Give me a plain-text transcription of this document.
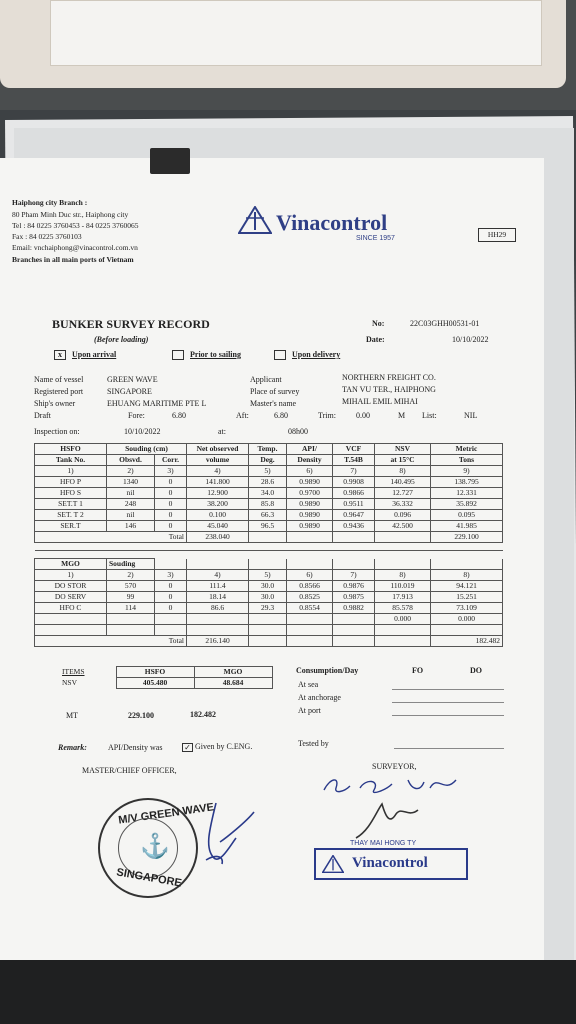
Haiphong city Branch :
80 Pham Minh Duc str., Haiphong city
Tel : 84 0225 3760453 - 84 0225 3760065
Fax : 84 0225 3760103
Email: vnchaiphong@vinacontrol.com.vn
Branches in all main ports of Vietnam
Vinacontrol
SINCE 1957	HH29
BUNKER SURVEY RECORD
(Before loading)
No:	22C03GHH00531-01
Date:	10/10/2022
x Upon arrival	Prior to sailing	Upon delivery
Name of vessel	GREEN WAVE
Registered port	SINGAPORE
Ship's owner	EHUANG MARITIME PTE L
Draft	Fore:	6.80	Aft:	6.80	Trim:	0.00	M List:	NIL
Inspection on:	10/10/2022	at:	08h00
Applicant	NORTHERN FREIGHT CO.
Place of survey	TAN VU TER., HAIPHONG
Master's name	MIHAIL EMIL MIHAI
HSFO	Souding (cm)		Net observed	Temp.	API/	VCF	NSV	Metric
Tank No.	Obsvd.	Corr.	volume	Deg.	Density	T.54B	at 15°C	Tons
1)	2)	3)	4)	5)	6)	7)	8)	9)
HFO P	1340	0	141.800	28.6	0.9890	0.9908	140.495	138.795
HFO S	nil	0	12.900	34.0	0.9700	0.9866	12.727	12.331
SET.T 1	248	0	38.200	85.8	0.9890	0.9511	36.332	35.892
SET. T 2	nil	0	0.100	66.3	0.9890	0.9647	0.096	0.095
SER.T	146	0	45.040	96.5	0.9890	0.9436	42.500	41.985
Total			238.040					229.100

MGO	Souding							
1)	2)	3)	4)	5)	6)	7)	8)	8)
DO STOR	570	0	111.4	30.0	0.8566	0.9876	110.019	94.121
DO SERV	99	0	18.14	30.0	0.8525	0.9875	17.913	15.251
HFO C	114	0	86.6	29.3	0.8554	0.9882	85.578	73.109
							0.000	0.000

Total			216.140					182.482
ITEMS	HSFO	MGO
NSV	405.480	48.684
MT	229.100	182.482
Consumption/Day	FO	DO
At sea
At anchorage
At port
Remark:	API/Density was	✓ Given by C.ENG.	Tested by
MASTER/CHIEF OFFICER,	SURVEYOR,
M/V GREEN WAVE
⚓
SINGAPORE
THAY MAI HONG TY
Vinacontrol
